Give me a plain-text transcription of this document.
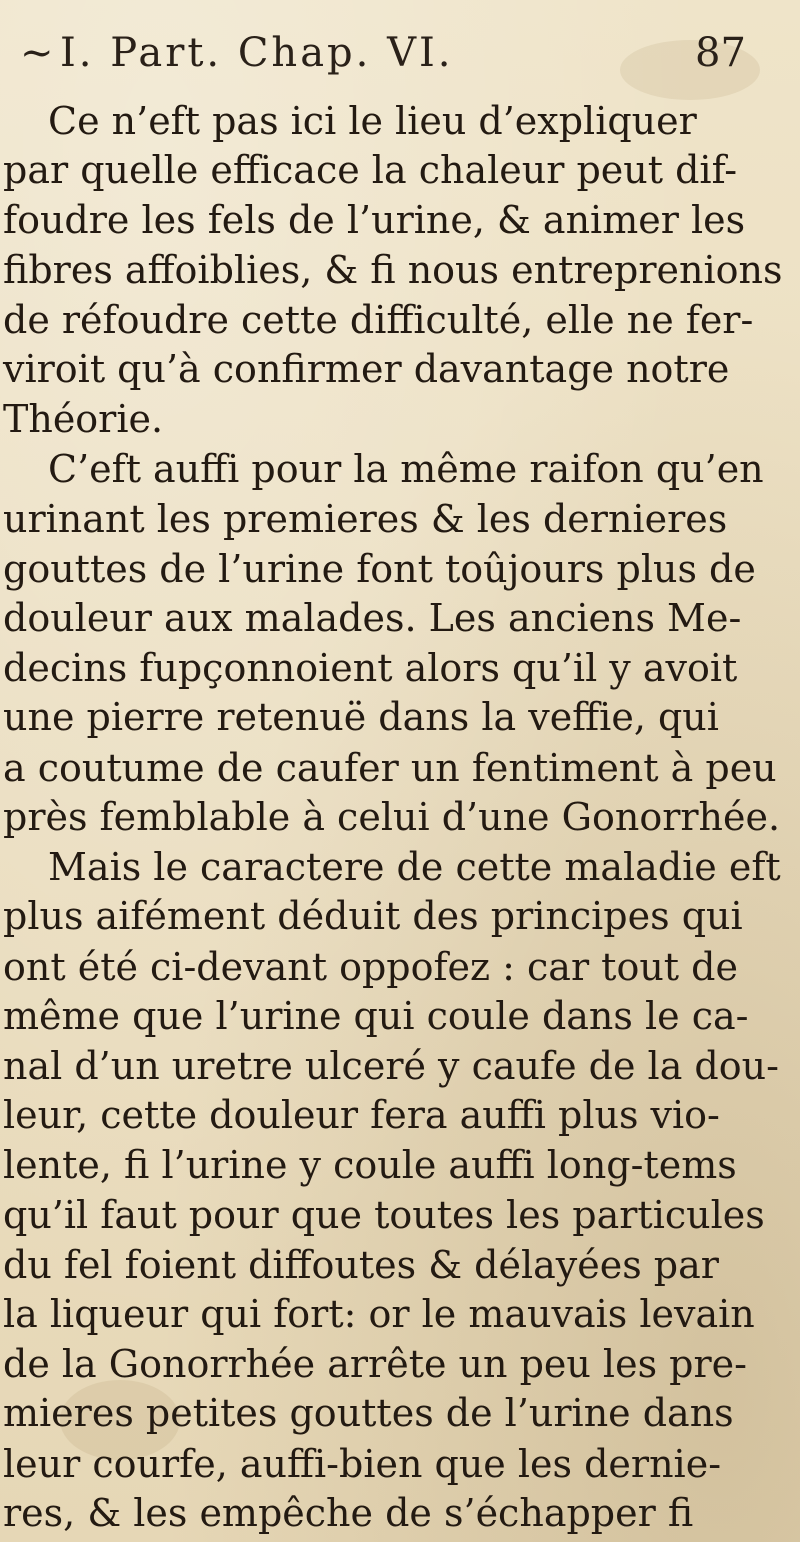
~ I. Part. Chap. VI.	87
Ce n’eft pas ici le lieu d’expliquer
par quelle efficace la chaleur peut dif-
foudre les fels de l’urine, & animer les
fibres affoiblies, & fi nous entreprenions
de réfoudre cette difficulté, elle ne fer-
viroit qu’à confirmer davantage notre
Théorie.
C’eft auffi pour la même raifon qu’en
urinant les premieres & les dernieres
gouttes de l’urine font toûjours plus de
douleur aux malades. Les anciens Me-
decins fupçonnoient alors qu’il y avoit
une pierre retenuë dans la veffie, qui
a coutume de caufer un fentiment à peu
près femblable à celui d’une Gonorrhée.
Mais le caractere de cette maladie eft
plus aifément déduit des principes qui
ont été ci-devant oppofez : car tout de
même que l’urine qui coule dans le ca-
nal d’un uretre ulceré y caufe de la dou-
leur, cette douleur fera auffi plus vio-
lente, fi l’urine y coule auffi long-tems
qu’il faut pour que toutes les particules
du fel foient diffoutes & délayées par
la liqueur qui fort: or le mauvais levain
de la Gonorrhée arrête un peu les pre-
mieres petites gouttes de l’urine dans
leur courfe, auffi-bien que les dernie-
res, & les empêche de s’échapper fi
